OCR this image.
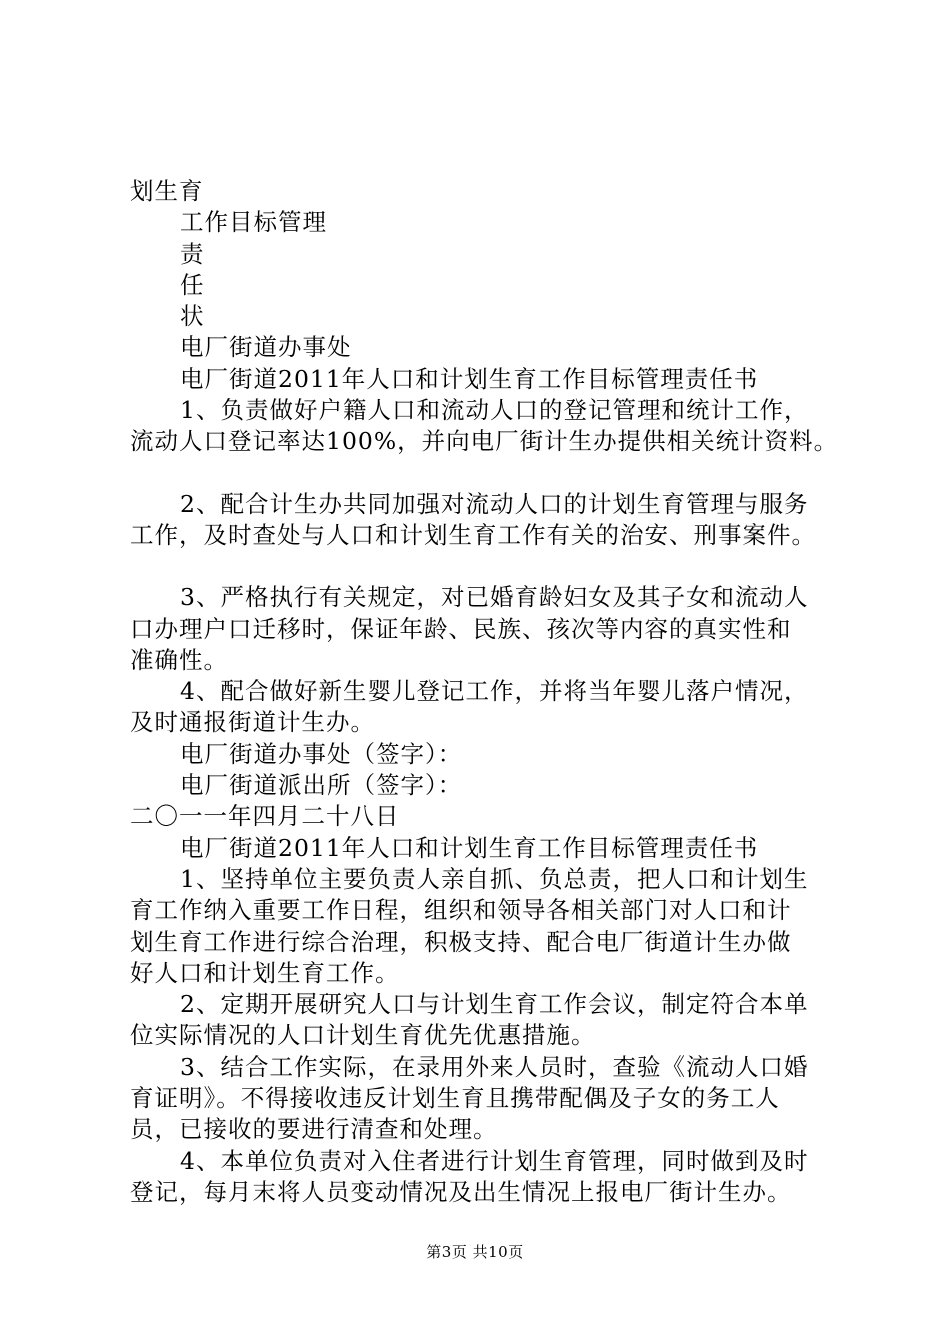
划生育

工作目标管理

责

任

状

电厂街道办事处

电厂街道2011年人口和计划生育工作目标管理责任书

1、负责做好户籍人口和流动人口的登记管理和统计工作，

流动人口登记率达100%，并向电厂街计生办提供相关统计资料。

2、配合计生办共同加强对流动人口的计划生育管理与服务

工作，及时查处与人口和计划生育工作有关的治安、刑事案件。

3、严格执行有关规定，对已婚育龄妇女及其子女和流动人

口办理户口迁移时，保证年龄、民族、孩次等内容的真实性和

准确性。

4、配合做好新生婴儿登记工作，并将当年婴儿落户情况，

及时通报街道计生办。

电厂街道办事处（签字）：

电厂街道派出所（签字）：

二〇一一年四月二十八日

电厂街道2011年人口和计划生育工作目标管理责任书

1、坚持单位主要负责人亲自抓、负总责，把人口和计划生

育工作纳入重要工作日程，组织和领导各相关部门对人口和计

划生育工作进行综合治理，积极支持、配合电厂街道计生办做

好人口和计划生育工作。

2、定期开展研究人口与计划生育工作会议，制定符合本单

位实际情况的人口计划生育优先优惠措施。

3、结合工作实际，在录用外来人员时，查验《流动人口婚

育证明》。不得接收违反计划生育且携带配偶及子女的务工人

员，已接收的要进行清查和处理。

4、本单位负责对入住者进行计划生育管理，同时做到及时

登记，每月末将人员变动情况及出生情况上报电厂街计生办。

第3页 共10页
